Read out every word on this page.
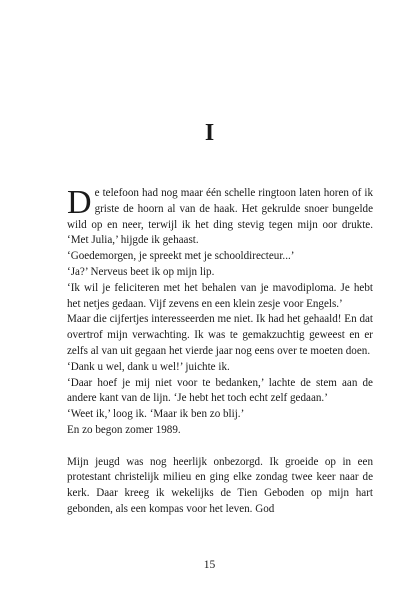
I

De telefoon had nog maar één schelle ringtoon laten horen of ik griste de hoorn al van de haak. Het gekrulde snoer bungelde wild op en neer, terwijl ik het ding stevig tegen mijn oor drukte. ‘Met Julia,’ hijgde ik gehaast.

‘Goedemorgen, je spreekt met je schooldirecteur...’

‘Ja?’ Nerveus beet ik op mijn lip.

‘Ik wil je feliciteren met het behalen van je mavodiploma. Je hebt het netjes gedaan. Vijf zevens en een klein zesje voor Engels.’

Maar die cijfertjes interesseerden me niet. Ik had het gehaald! En dat overtrof mijn verwachting. Ik was te gemakzuchtig geweest en er zelfs al van uit gegaan het vierde jaar nog eens over te moeten doen.

‘Dank u wel, dank u wel!’ juichte ik.

‘Daar hoef je mij niet voor te bedanken,’ lachte de stem aan de andere kant van de lijn. ‘Je hebt het toch echt zelf gedaan.’

‘Weet ik,’ loog ik. ‘Maar ik ben zo blij.’

En zo begon zomer 1989.

Mijn jeugd was nog heerlijk onbezorgd. Ik groeide op in een protestant christelijk milieu en ging elke zondag twee keer naar de kerk. Daar kreeg ik wekelijks de Tien Geboden op mijn hart gebonden, als een kompas voor het leven. God

15
